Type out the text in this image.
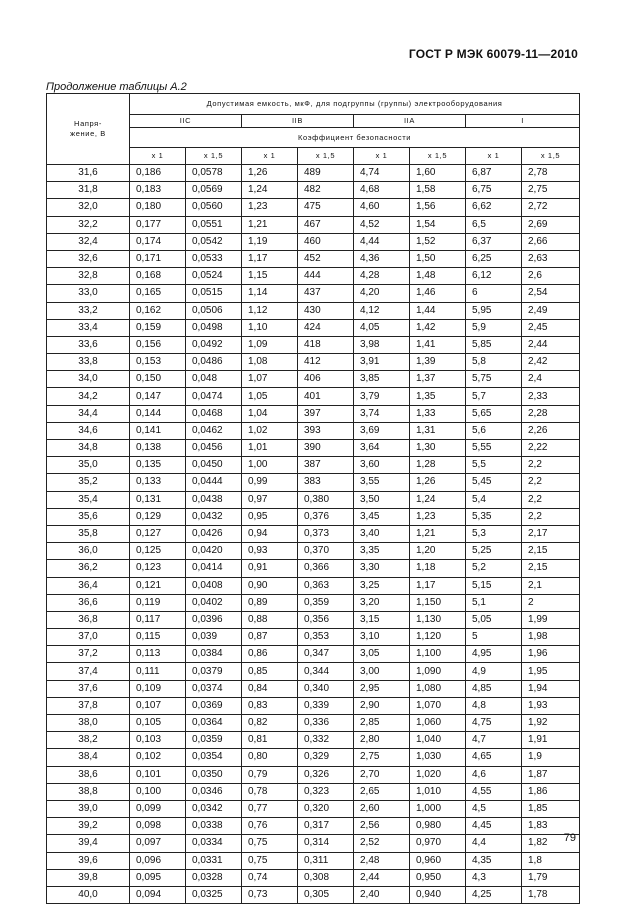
ГОСТ Р МЭК 60079-11—2010
Продолжение таблицы А.2
Напря-
жение, В	Допустимая емкость, мкФ, для подгруппы (группы) электрооборудования							
	IIC		IIB		IIA		I	
	Коэффициент безопасности							
	х 1	х 1,5	х 1	х 1,5	х 1	х 1,5	х 1	х 1,5
31,6	0,186	0,0578	1,26	489	4,74	1,60	6,87	2,78
31,8	0,183	0,0569	1,24	482	4,68	1,58	6,75	2,75
32,0	0,180	0,0560	1,23	475	4,60	1,56	6,62	2,72
32,2	0,177	0,0551	1,21	467	4,52	1,54	6,5	2,69
32,4	0,174	0,0542	1,19	460	4,44	1,52	6,37	2,66
32,6	0,171	0,0533	1,17	452	4,36	1,50	6,25	2,63
32,8	0,168	0,0524	1,15	444	4,28	1,48	6,12	2,6
33,0	0,165	0,0515	1,14	437	4,20	1,46	6	2,54
33,2	0,162	0,0506	1,12	430	4,12	1,44	5,95	2,49
33,4	0,159	0,0498	1,10	424	4,05	1,42	5,9	2,45
33,6	0,156	0,0492	1,09	418	3,98	1,41	5,85	2,44
33,8	0,153	0,0486	1,08	412	3,91	1,39	5,8	2,42
34,0	0,150	0,048	1,07	406	3,85	1,37	5,75	2,4
34,2	0,147	0,0474	1,05	401	3,79	1,35	5,7	2,33
34,4	0,144	0,0468	1,04	397	3,74	1,33	5,65	2,28
34,6	0,141	0,0462	1,02	393	3,69	1,31	5,6	2,26
34,8	0,138	0,0456	1,01	390	3,64	1,30	5,55	2,22
35,0	0,135	0,0450	1,00	387	3,60	1,28	5,5	2,2
35,2	0,133	0,0444	0,99	383	3,55	1,26	5,45	2,2
35,4	0,131	0,0438	0,97	0,380	3,50	1,24	5,4	2,2
35,6	0,129	0,0432	0,95	0,376	3,45	1,23	5,35	2,2
35,8	0,127	0,0426	0,94	0,373	3,40	1,21	5,3	2,17
36,0	0,125	0,0420	0,93	0,370	3,35	1,20	5,25	2,15
36,2	0,123	0,0414	0,91	0,366	3,30	1,18	5,2	2,15
36,4	0,121	0,0408	0,90	0,363	3,25	1,17	5,15	2,1
36,6	0,119	0,0402	0,89	0,359	3,20	1,150	5,1	2
36,8	0,117	0,0396	0,88	0,356	3,15	1,130	5,05	1,99
37,0	0,115	0,039	0,87	0,353	3,10	1,120	5	1,98
37,2	0,113	0,0384	0,86	0,347	3,05	1,100	4,95	1,96
37,4	0,111	0,0379	0,85	0,344	3,00	1,090	4,9	1,95
37,6	0,109	0,0374	0,84	0,340	2,95	1,080	4,85	1,94
37,8	0,107	0,0369	0,83	0,339	2,90	1,070	4,8	1,93
38,0	0,105	0,0364	0,82	0,336	2,85	1,060	4,75	1,92
38,2	0,103	0,0359	0,81	0,332	2,80	1,040	4,7	1,91
38,4	0,102	0,0354	0,80	0,329	2,75	1,030	4,65	1,9
38,6	0,101	0,0350	0,79	0,326	2,70	1,020	4,6	1,87
38,8	0,100	0,0346	0,78	0,323	2,65	1,010	4,55	1,86
39,0	0,099	0,0342	0,77	0,320	2,60	1,000	4,5	1,85
39,2	0,098	0,0338	0,76	0,317	2,56	0,980	4,45	1,83
39,4	0,097	0,0334	0,75	0,314	2,52	0,970	4,4	1,82
39,6	0,096	0,0331	0,75	0,311	2,48	0,960	4,35	1,8
39,8	0,095	0,0328	0,74	0,308	2,44	0,950	4,3	1,79
40,0	0,094	0,0325	0,73	0,305	2,40	0,940	4,25	1,78
79
